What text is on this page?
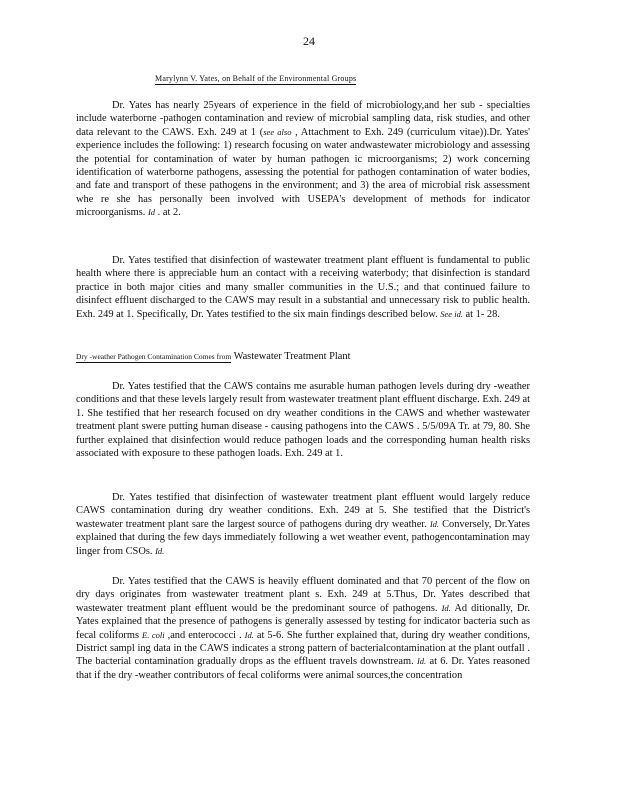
24
Marylynn V. Yates, on Behalf of the Environmental Groups

Dr. Yates has nearly 25years of experience in the field of microbiology,and her sub - specialties include waterborne -pathogen contamination and review of microbial sampling data, risk studies, and other data relevant to the CAWS. Exh. 249 at 1 (see also , Attachment to Exh. 249 (curriculum vitae)).Dr. Yates' experience includes the following: 1) research focusing on water andwastewater microbiology and assessing the potential for contamination of water by human pathogen ic microorganisms; 2) work concerning identification of waterborne pathogens, assessing the potential for pathogen contamination of water bodies, and fate and transport of these pathogens in the environment; and 3) the area of microbial risk assessment whe re she has personally been involved with USEPA's development of methods for indicator microorganisms. Id . at 2.

Dr. Yates testified that disinfection of wastewater treatment plant effluent is fundamental to public health where there is appreciable hum an contact with a receiving waterbody; that disinfection is standard practice in both major cities and many smaller communities in the U.S.; and that continued failure to disinfect effluent discharged to the CAWS may result in a substantial and unnecessary risk to public health. Exh. 249 at 1. Specifically, Dr. Yates testified to the six main findings described below. See id. at 1- 28.

Dry -weather Pathogen Contamination Comes from Wastewater Treatment Plant

Dr. Yates testified that the CAWS contains me asurable human pathogen levels during dry -weather conditions and that these levels largely result from wastewater treatment plant effluent discharge. Exh. 249 at 1. She testified that her research focused on dry weather conditions in the CAWS and whether wastewater treatment plant swere putting human disease - causing pathogens into the CAWS . 5/5/09A Tr. at 79, 80. She further explained that disinfection would reduce pathogen loads and the corresponding human health risks associated with exposure to these pathogen loads. Exh. 249 at 1.

Dr. Yates testified that disinfection of wastewater treatment plant effluent would largely reduce CAWS contamination during dry weather conditions. Exh. 249 at 5. She testified that the District's wastewater treatment plant sare the largest source of pathogens during dry weather. Id. Conversely, Dr.Yates explained that during the few days immediately following a wet weather event, pathogencontamination may linger from CSOs. Id.

Dr. Yates testified that the CAWS is heavily effluent dominated and that 70 percent of the flow on dry days originates from wastewater treatment plant s. Exh. 249 at 5.Thus, Dr. Yates described that wastewater treatment plant effluent would be the predominant source of pathogens. Id. Ad ditionally, Dr. Yates explained that the presence of pathogens is generally assessed by testing for indicator bacteria such as fecal coliforms E. coli ,and enterococci . Id. at 5-6. She further explained that, during dry weather conditions, District sampl ing data in the CAWS indicates a strong pattern of bacterialcontamination at the plant outfall . The bacterial contamination gradually drops as the effluent travels downstream. Id. at 6. Dr. Yates reasoned that if the dry -weather contributors of fecal coliforms were animal sources,the concentration
